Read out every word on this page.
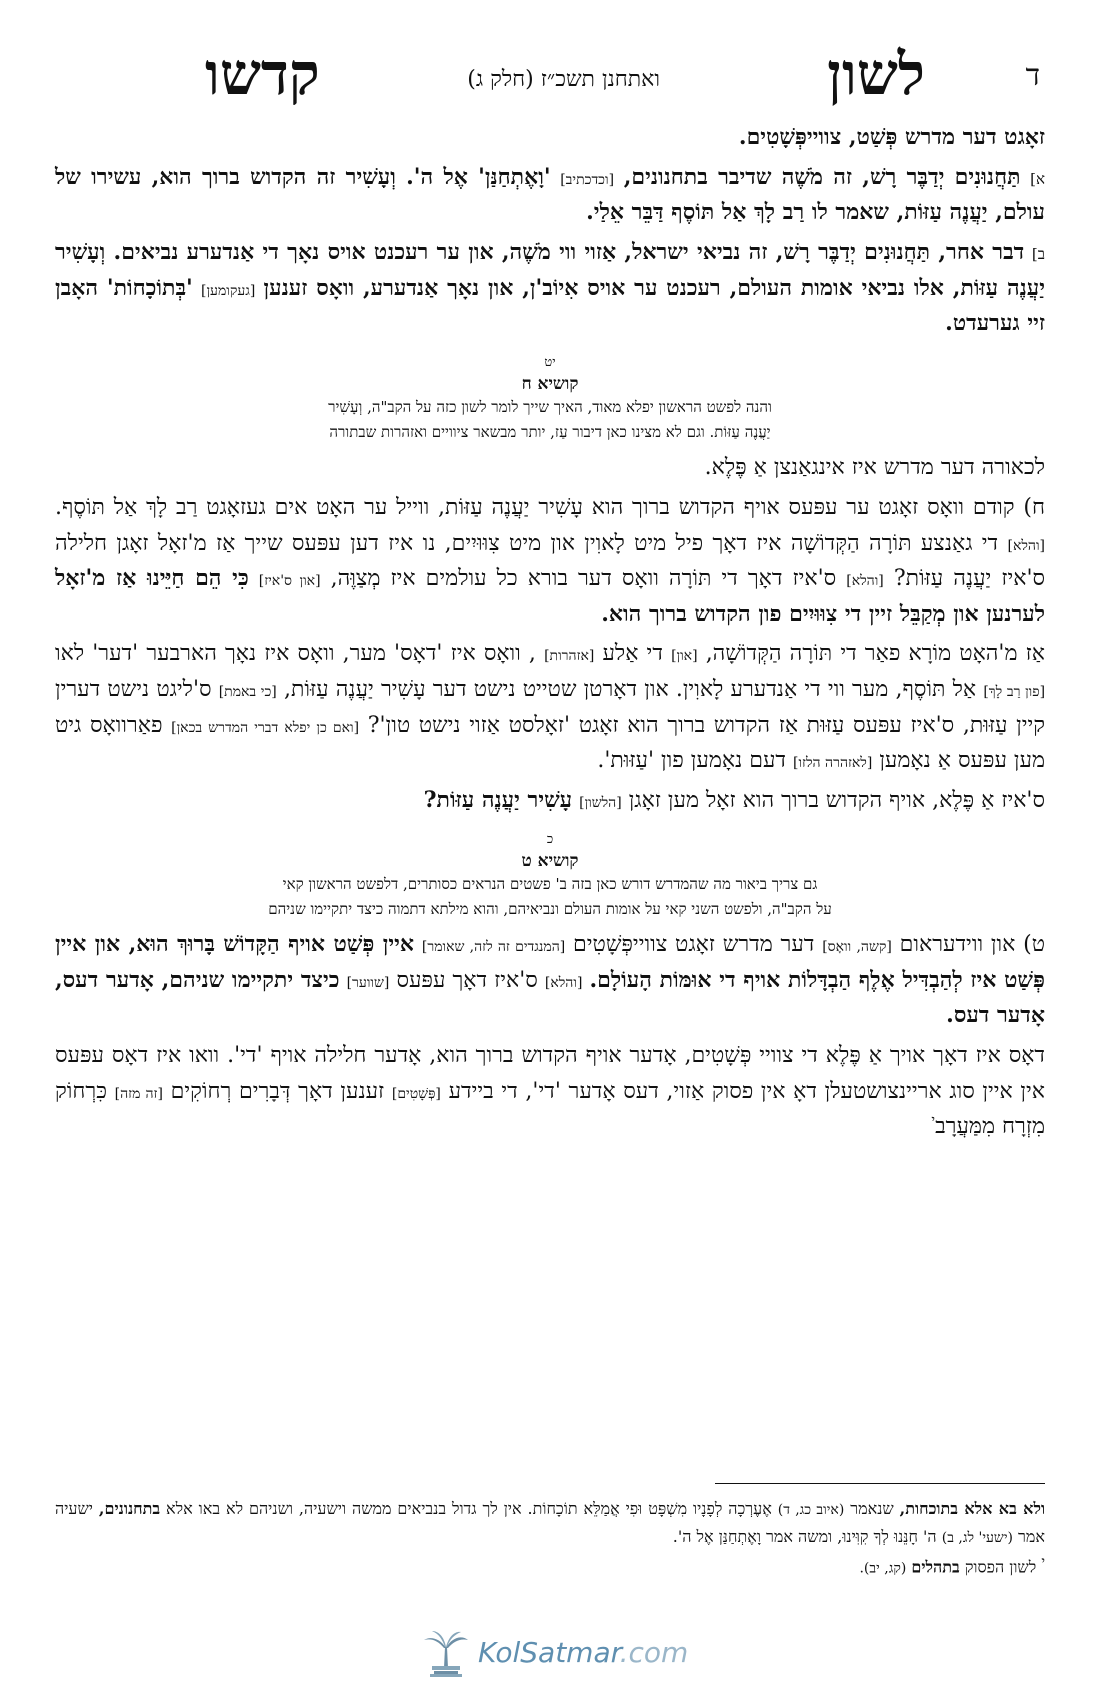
ד
לשון
ואתחנן תשכ״ז (חלק ג)
קדשו

זאָגט דער מדרש פְּשַׁט, צווייפְּשָׁטִים.

א] תַּחֲנוּנִים יְדַבֶּר רָשׁ, זה מֹשֶׁה שדיבר בתחנונים, [וכדכתיב] 'וָאֶתְחַנַּן' אֶל ה'. וְעָשִׁיר זה הקדוש ברוך הוא, עשירו של עולם, יַעֲנֶה עַזּוֹת, שאמר לו רַב לָךְ אַל תּוֹסֶף דַּבֵּר אֵלַי.

ב] דבר אחר, תַּחֲנוּנִים יְדַבֶּר רָשׁ, זה נביאי ישראל, אַזוי ווי מֹשֶׁה, און ער רעכנט אויס נאָך די אַנדערע נביאים. וְעָשִׁיר יַעֲנֶה עַזּוֹת, אלו נביאי אומות העולם, רעכנט ער אויס אִיוֹב'ן, און נאָך אַנדערע, וואָס זענען [געקומען] 'בְּתוֹכָחוֹת' האָבן זיי גערעדט.

יט
קושיא ח
והנה לפשט הראשון יפלא מאוד, האיך שייך לומר לשון כזה על הקב"ה, וְעָשִׁיר
יַעֲנֶה עַזּוֹת. וגם לא מצינו כאן דיבור עַז, יותר מבשאר ציוויים ואזהרות שבתורה

לכאורה דער מדרש איז אינגאַנצן אַ פֶּלֶא.

ח) קודם וואָס זאָגט ער עפּעס אויף הקדוש ברוך הוא עָשִׁיר יַעֲנֶה עַזּוֹת, ווייל ער האָט אים געזאָגט רַב לָךְ אַל תּוֹסֶף. [והלא] די גאַנצע תּוֹרָה הַקְּדוֹשָׁה איז דאָך פיל מיט לָאוִין און מיט צִוּוּיִים, נו איז דען עפּעס שייך אַז מ'זאָל זאָגן חלילה ס'איז יַעֲנֶה עַזּוֹת? [והלא] ס'איז דאָך די תּוֹרָה וואָס דער בורא כל עולמים איז מְצַוֶּה, [און ס'איז] כִּי הֵם חַיֵּינוּ אַז מ'זאָל לערנען און מְקַבֵּל זיין די צִוּוּיִים פון הקדוש ברוך הוא.

אַז מ'האָט מוֹרָא פאַר די תּוֹרָה הַקְּדוֹשָׁה, [און] די אַלע [אזהרות] , וואָס איז 'דאָס' מער, וואָס איז נאָך הארבער 'דער' לאו [פון רַב לָךְ] אַל תּוֹסֶף, מער ווי די אַנדערע לָאוִין. און דאָרטן שטייט נישט דער עָשִׁיר יַעֲנֶה עַזּוֹת, [כי באמת] ס'ליגט נישט דערין קיין עַזּוּת, ס'איז עפּעס עַזּוּת אַז הקדוש ברוך הוא זאָגט 'זאָלסט אַזוי נישט טון'? [ואם כן יפלא דברי המדרש בכאן] פאַרוואָס גיט מען עפּעס אַ נאָמען [לאזהרה הלזו] דעם נאָמען פון 'עַזּוּת'.

ס'איז אַ פֶּלֶא, אויף הקדוש ברוך הוא זאָל מען זאָגן [הלשון] עָשִׁיר יַעֲנֶה עַזּוֹת?

כ
קושיא ט
גם צריך ביאור מה שהמדרש דורש כאן בזה ב' פשטים הנראים כסותרים, דלפשט הראשון קאי
על הקב"ה, ולפשט השני קאי על אומות העולם ונביאיהם, והוא מילתא דתמוה כיצד יתקיימו שניהם

ט) און ווידעראום [קשה, וואָס] דער מדרש זאָגט צווייפְּשָׁטִים [המנגדים זה לזה, שאומר] איין פְּשַׁט אויף הַקָּדוֹשׁ בָּרוּךְ הוּא, און איין פְּשַׁט איז לְהַבְדִּיל אֶלֶף הַבְדָּלוֹת אויף די אוּמּוֹת הָעוֹלָם. [והלא] ס'איז דאָך עפּעס [שווער] כיצד יתקיימו שניהם, אָדער דעס, אָדער דעס.

דאָס איז דאָך אויך אַ פֶּלֶא די צוויי פְּשָׁטִים, אָדער אויף הקדוש ברוך הוא, אָדער חלילה אויף 'די'. וואו איז דאָס עפּעס אין איין סוג אריינצושטעלן דאָ אין פסוק אַזוי, דעס אָדער 'די', די ביידע [פְּשָׁטִים] זענען דאָך דְּבָרִים רְחוֹקִים [זה מזה] כִּרְחוֹק מִזְרָח מִמַּעֲרָב$^י$

ולא בא אלא בתוכחות, שנאמר (איוב כג, ד) אֶעֶרְכָה לְפָנָיו מִשְׁפָּט וּפִי אֲמַלֵּא תוֹכָחוֹת. אין לך גדול בנביאים ממשה וישעיה, ושניהם לא באו אלא בתחנונים, ישעיה אמר (ישעי' לג, ב) ה' חָנֵּנוּ לְךָ קִוִּינוּ, ומשה אמר וָאֶתְחַנַּן אֶל ה'.
$^י$ לשון הפסוק בתהלים (קג, יב).
KolSatmar.com
